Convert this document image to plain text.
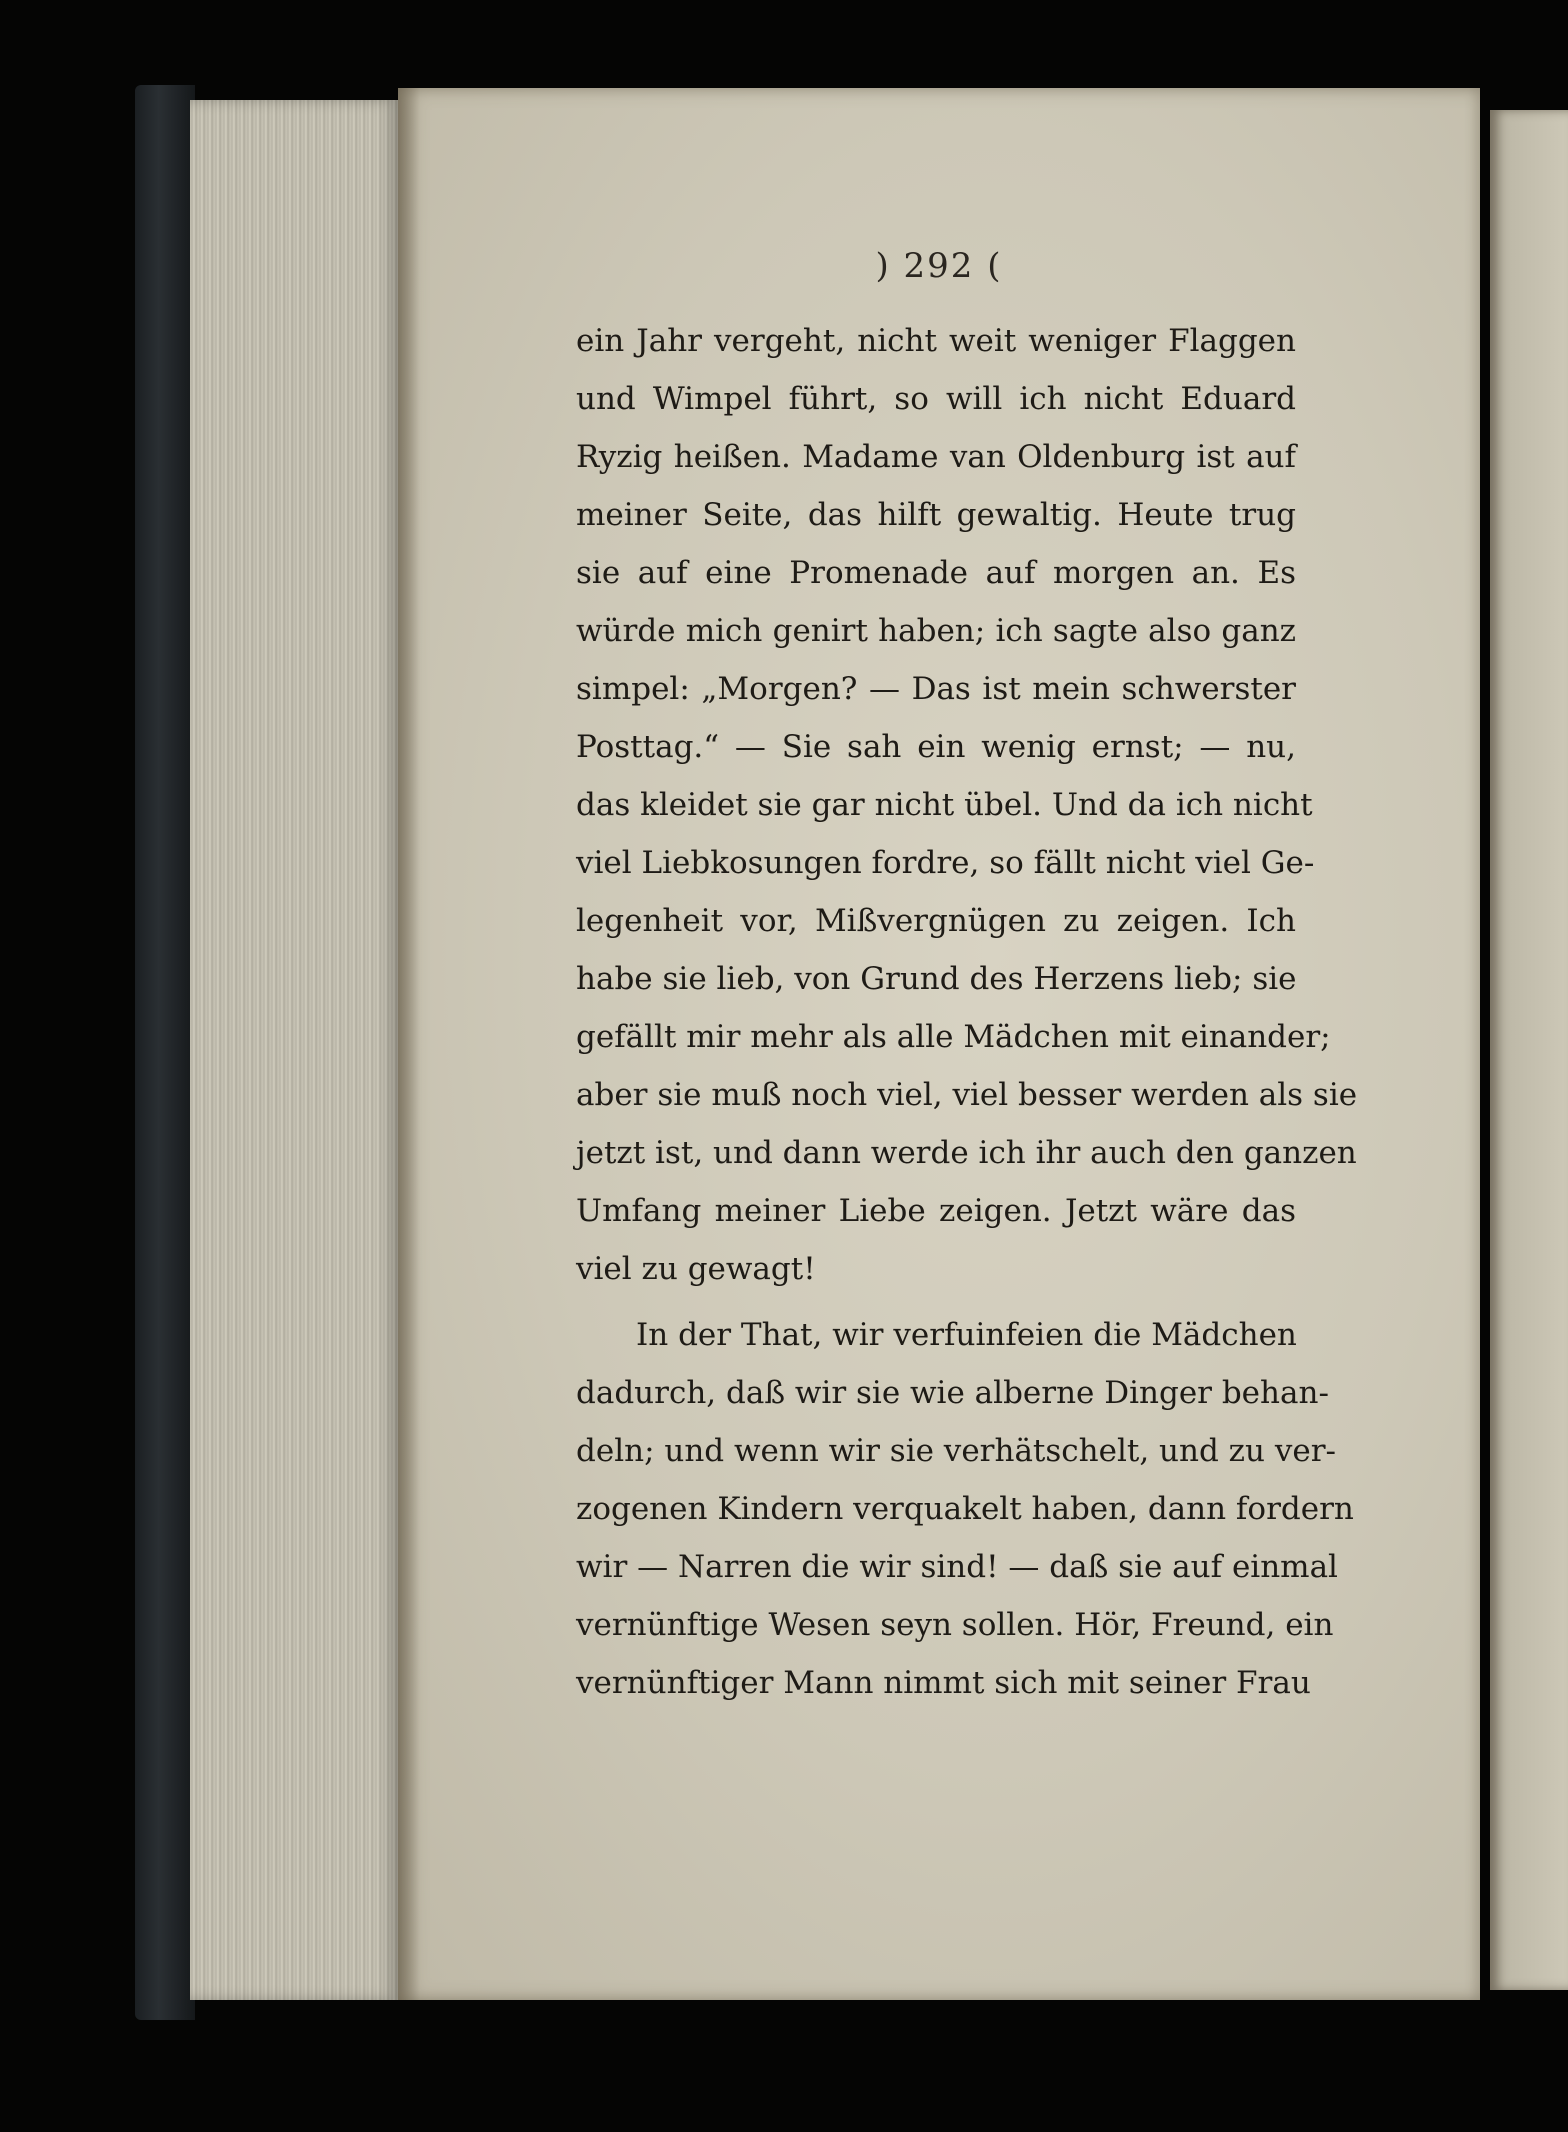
) 292 (
ein Jahr vergeht, nicht weit weniger Flaggen
und Wimpel führt, so will ich nicht Eduard
Ryzig heißen. Madame van Oldenburg ist auf
meiner Seite, das hilft gewaltig. Heute trug
sie auf eine Promenade auf morgen an. Es
würde mich genirt haben; ich sagte also ganz
simpel: „Morgen? — Das ist mein schwerster
Posttag.“ — Sie sah ein wenig ernst; — nu,
das kleidet sie gar nicht übel. Und da ich nicht
viel Liebkosungen fordre, so fällt nicht viel Ge-
legenheit vor, Mißvergnügen zu zeigen. Ich
habe sie lieb, von Grund des Herzens lieb; sie
gefällt mir mehr als alle Mädchen mit einander;
aber sie muß noch viel, viel besser werden als sie
jetzt ist, und dann werde ich ihr auch den ganzen
Umfang meiner Liebe zeigen. Jetzt wäre das
viel zu gewagt!
In der That, wir verfuinfeien die Mädchen
dadurch, daß wir sie wie alberne Dinger behan-
deln; und wenn wir sie verhätschelt, und zu ver-
zogenen Kindern verquakelt haben, dann fordern
wir — Narren die wir sind! — daß sie auf einmal
vernünftige Wesen seyn sollen. Hör, Freund, ein
vernünftiger Mann nimmt sich mit seiner Frau
